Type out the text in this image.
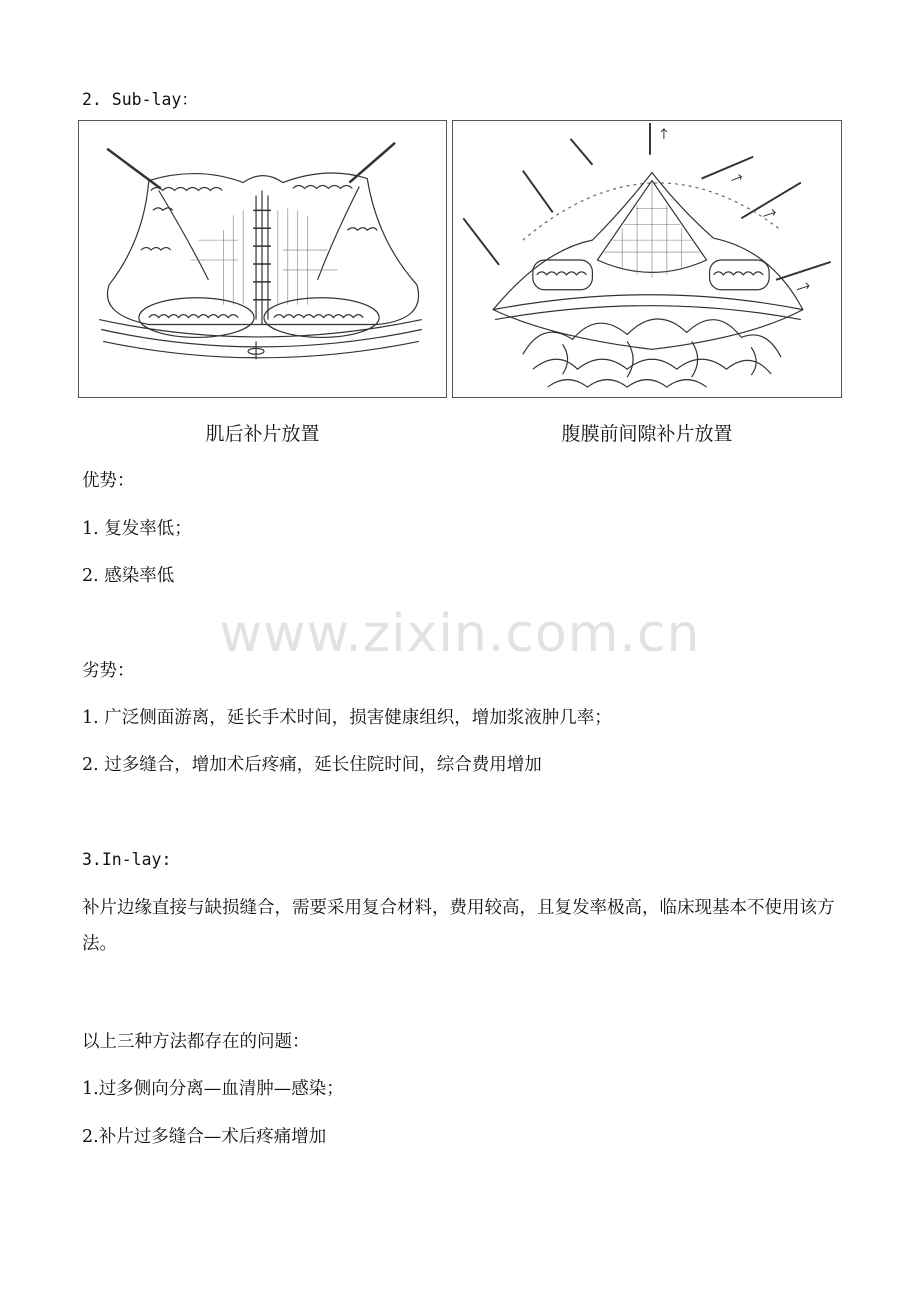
2. Sub-lay：
肌后补片放置	腹膜前间隙补片放置
优势：
1. 复发率低；
2. 感染率低
www.zixin.com.cn
劣势：
1. 广泛侧面游离，延长手术时间，损害健康组织，增加浆液肿几率；
2. 过多缝合，增加术后疼痛，延长住院时间，综合费用增加
3.In-lay:
补片边缘直接与缺损缝合，需要采用复合材料，费用较高，且复发率极高，临床现基本不使用该方法。
以上三种方法都存在的问题：
1.过多侧向分离—血清肿—感染；
2.补片过多缝合—术后疼痛增加
